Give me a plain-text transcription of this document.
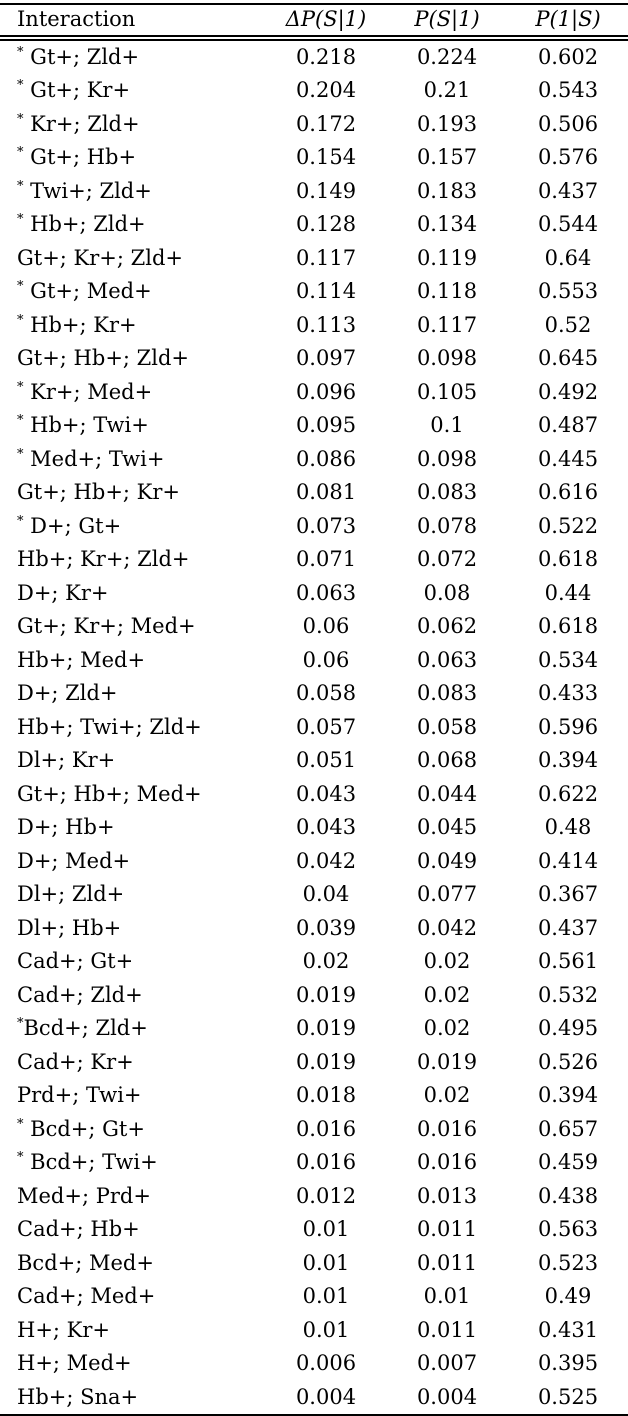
Interaction	ΔP(S|1)	P(S|1)	P(1|S)
* Gt+; Zld+	0.218	0.224	0.602
* Gt+; Kr+	0.204	0.21	0.543
* Kr+; Zld+	0.172	0.193	0.506
* Gt+; Hb+	0.154	0.157	0.576
* Twi+; Zld+	0.149	0.183	0.437
* Hb+; Zld+	0.128	0.134	0.544
Gt+; Kr+; Zld+	0.117	0.119	0.64
* Gt+; Med+	0.114	0.118	0.553
* Hb+; Kr+	0.113	0.117	0.52
Gt+; Hb+; Zld+	0.097	0.098	0.645
* Kr+; Med+	0.096	0.105	0.492
* Hb+; Twi+	0.095	0.1	0.487
* Med+; Twi+	0.086	0.098	0.445
Gt+; Hb+; Kr+	0.081	0.083	0.616
* D+; Gt+	0.073	0.078	0.522
Hb+; Kr+; Zld+	0.071	0.072	0.618
D+; Kr+	0.063	0.08	0.44
Gt+; Kr+; Med+	0.06	0.062	0.618
Hb+; Med+	0.06	0.063	0.534
D+; Zld+	0.058	0.083	0.433
Hb+; Twi+; Zld+	0.057	0.058	0.596
Dl+; Kr+	0.051	0.068	0.394
Gt+; Hb+; Med+	0.043	0.044	0.622
D+; Hb+	0.043	0.045	0.48
D+; Med+	0.042	0.049	0.414
Dl+; Zld+	0.04	0.077	0.367
Dl+; Hb+	0.039	0.042	0.437
Cad+; Gt+	0.02	0.02	0.561
Cad+; Zld+	0.019	0.02	0.532
*Bcd+; Zld+	0.019	0.02	0.495
Cad+; Kr+	0.019	0.019	0.526
Prd+; Twi+	0.018	0.02	0.394
* Bcd+; Gt+	0.016	0.016	0.657
* Bcd+; Twi+	0.016	0.016	0.459
Med+; Prd+	0.012	0.013	0.438
Cad+; Hb+	0.01	0.011	0.563
Bcd+; Med+	0.01	0.011	0.523
Cad+; Med+	0.01	0.01	0.49
H+; Kr+	0.01	0.011	0.431
H+; Med+	0.006	0.007	0.395
Hb+; Sna+	0.004	0.004	0.525
